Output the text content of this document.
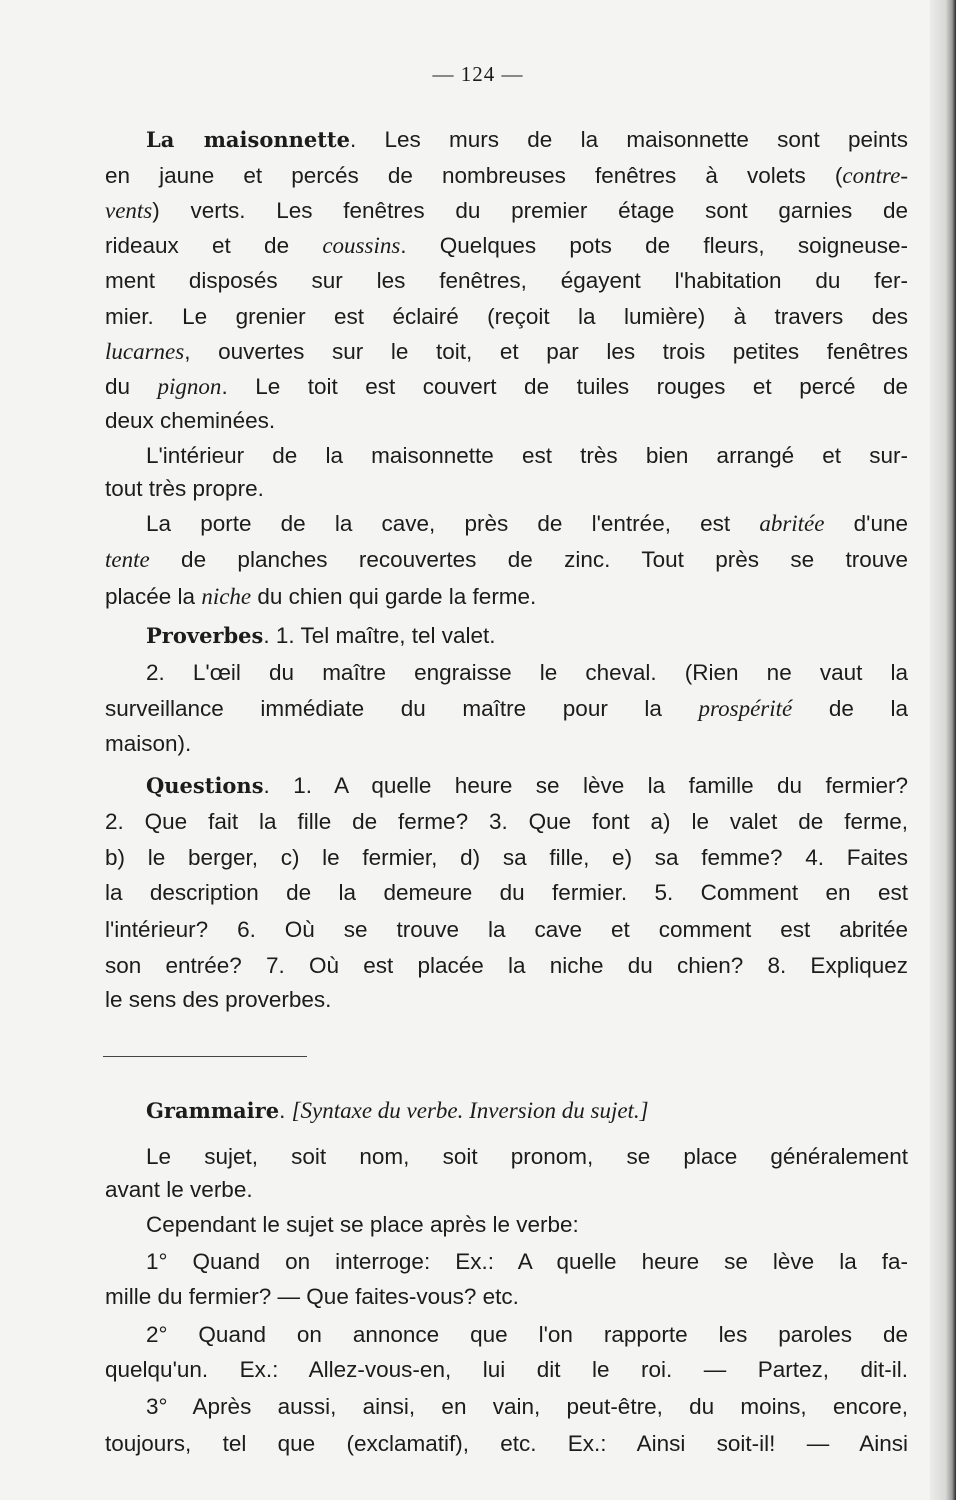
— 124 —
La maisonnette. Les murs de la maisonnette sont peints
en jaune et percés de nombreuses fenêtres à volets (contre-
vents) verts. Les fenêtres du premier étage sont garnies de
rideaux et de coussins. Quelques pots de fleurs, soigneuse-
ment disposés sur les fenêtres, égayent l'habitation du fer-
mier. Le grenier est éclairé (reçoit la lumière) à travers des
lucarnes, ouvertes sur le toit, et par les trois petites fenêtres
du pignon. Le toit est couvert de tuiles rouges et percé de
deux cheminées.
L'intérieur de la maisonnette est très bien arrangé et sur-
tout très propre.
La porte de la cave, près de l'entrée, est abritée d'une
tente de planches recouvertes de zinc. Tout près se trouve
placée la niche du chien qui garde la ferme.
Proverbes. 1. Tel maître, tel valet.
2. L'œil du maître engraisse le cheval. (Rien ne vaut la
surveillance immédiate du maître pour la prospérité de la
maison).
Questions. 1. A quelle heure se lève la famille du fermier?
2. Que fait la fille de ferme? 3. Que font a) le valet de ferme,
b) le berger, c) le fermier, d) sa fille, e) sa femme? 4. Faites
la description de la demeure du fermier. 5. Comment en est
l'intérieur? 6. Où se trouve la cave et comment est abritée
son entrée? 7. Où est placée la niche du chien? 8. Expliquez
le sens des proverbes.
Grammaire. [Syntaxe du verbe. Inversion du sujet.]
Le sujet, soit nom, soit pronom, se place généralement
avant le verbe.
Cependant le sujet se place après le verbe:
1° Quand on interroge: Ex.: A quelle heure se lève la fa-
mille du fermier? — Que faites-vous? etc.
2° Quand on annonce que l'on rapporte les paroles de
quelqu'un. Ex.: Allez-vous-en, lui dit le roi. — Partez, dit-il.
3° Après aussi, ainsi, en vain, peut-être, du moins, encore,
toujours, tel que (exclamatif), etc. Ex.: Ainsi soit-il! — Ainsi
